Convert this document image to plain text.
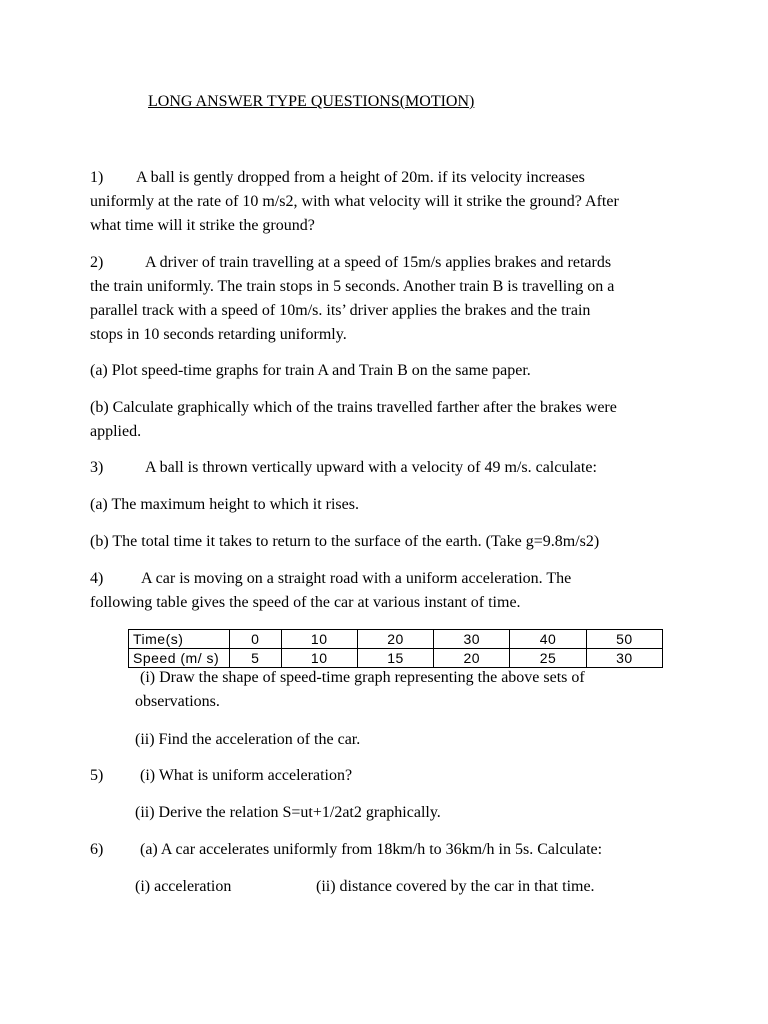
LONG ANSWER TYPE QUESTIONS(MOTION)
1) A ball is gently dropped from a height of 20m. if its velocity increases
uniformly at the rate of 10 m/s2, with what velocity will it strike the ground? After
what time will it strike the ground?
2)	A driver of train travelling at a speed of 15m/s applies brakes and retards
the train uniformly. The train stops in 5 seconds. Another train B is travelling on a
parallel track with a speed of 10m/s. its’ driver applies the brakes and the train
stops in 10 seconds retarding uniformly.
(a) Plot speed-time graphs for train A and Train B on the same paper.
(b) Calculate graphically which of the trains travelled farther after the brakes were
applied.
3)	A ball is thrown vertically upward with a velocity of 49 m/s. calculate:
(a) The maximum height to which it rises.
(b) The total time it takes to return to the surface of the earth. (Take g=9.8m/s2)
4) A car is moving on a straight road with a uniform acceleration. The
following table gives the speed of the car at various instant of time.
Time(s)	0	10	20	30	40	50
Speed (m/ s)	5	10	15	20	25	30
(i) Draw the shape of speed-time graph representing the above sets of
observations.
(ii) Find the acceleration of the car.
5) (i) What is uniform acceleration?
(ii) Derive the relation S=ut+1/2at2 graphically.
6) (a) A car accelerates uniformly from 18km/h to 36km/h in 5s. Calculate:
(i) acceleration	(ii) distance covered by the car in that time.
